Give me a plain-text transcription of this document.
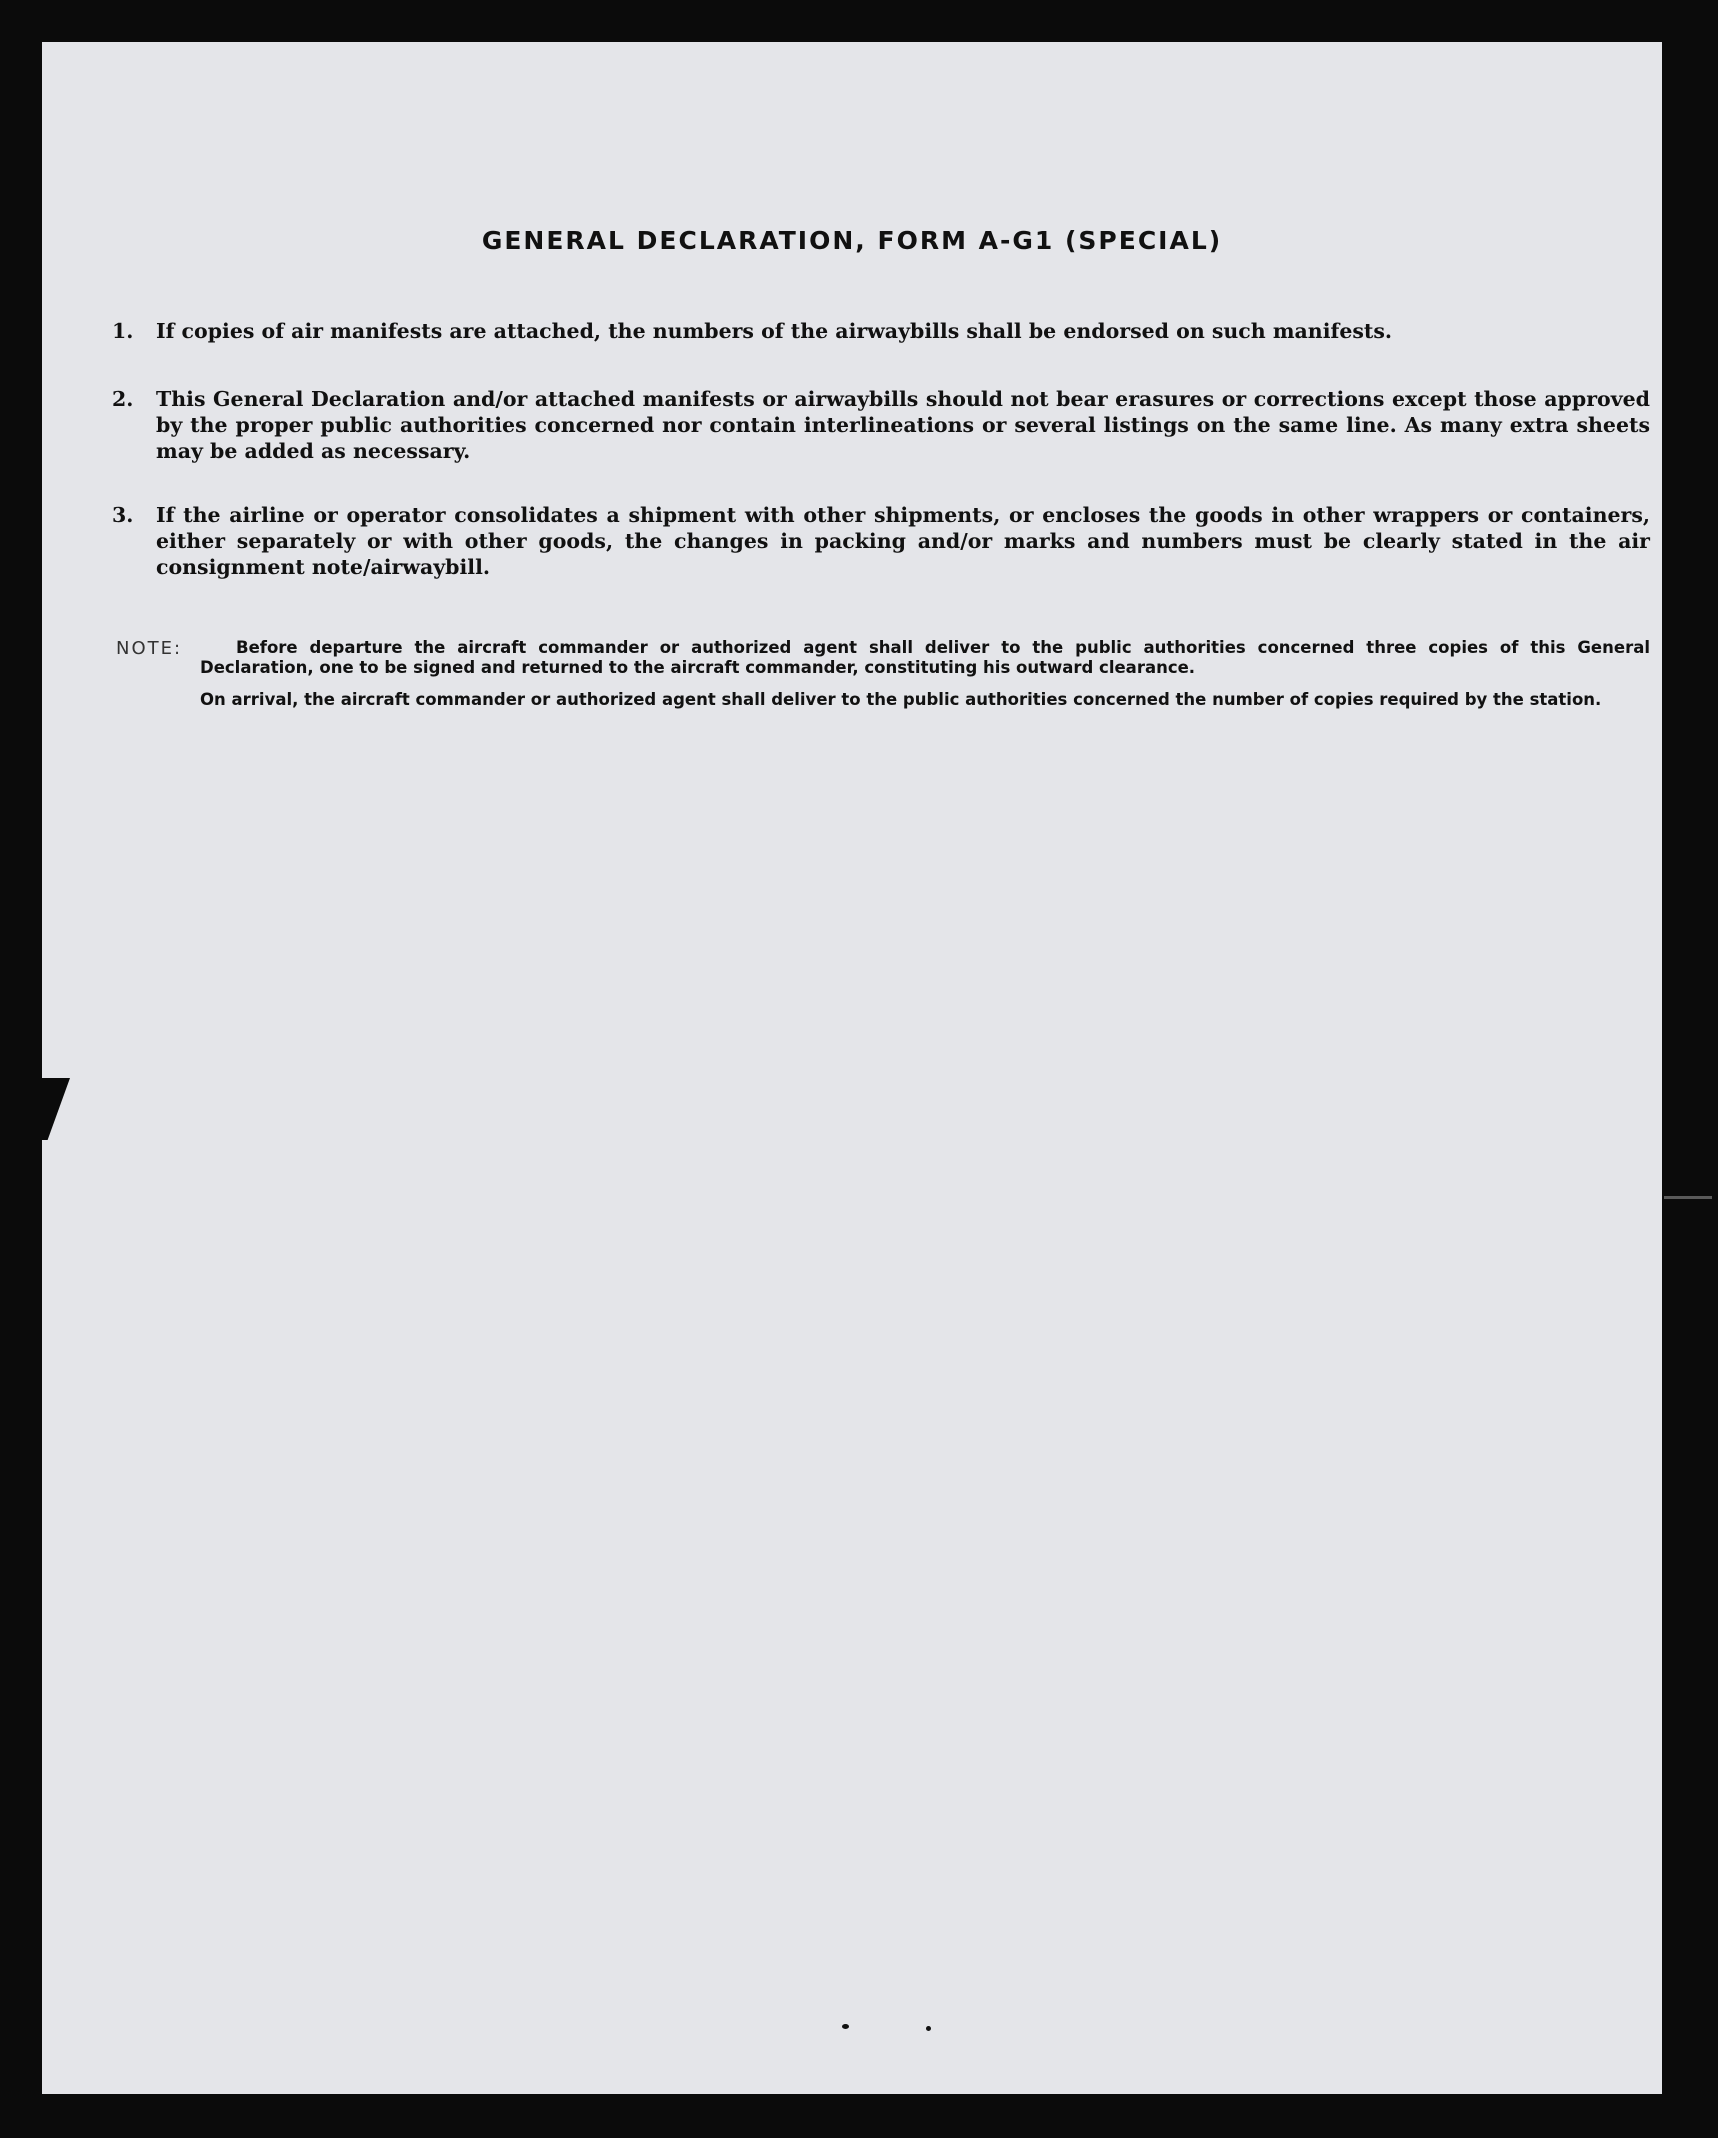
GENERAL DECLARATION, FORM A-G1 (SPECIAL)
1.	If copies of air manifests are attached, the numbers of the airwaybills shall be endorsed on such manifests.
2.	This General Declaration and/or attached manifests or airwaybills should not bear erasures or corrections except those approved by the proper public authorities concerned nor contain interlineations or several listings on the same line. As many extra sheets may be added as necessary.
3.	If the airline or operator consolidates a shipment with other shipments, or encloses the goods in other wrappers or containers, either separately or with other goods, the changes in packing and/or marks and numbers must be clearly stated in the air consignment note/airwaybill.
NOTE:	Before departure the aircraft commander or authorized agent shall deliver to the public authorities concerned three copies of this General Declaration, one to be signed and returned to the aircraft commander, constituting his outward clearance.
On arrival, the aircraft commander or authorized agent shall deliver to the public authorities concerned the number of copies required by the station.
